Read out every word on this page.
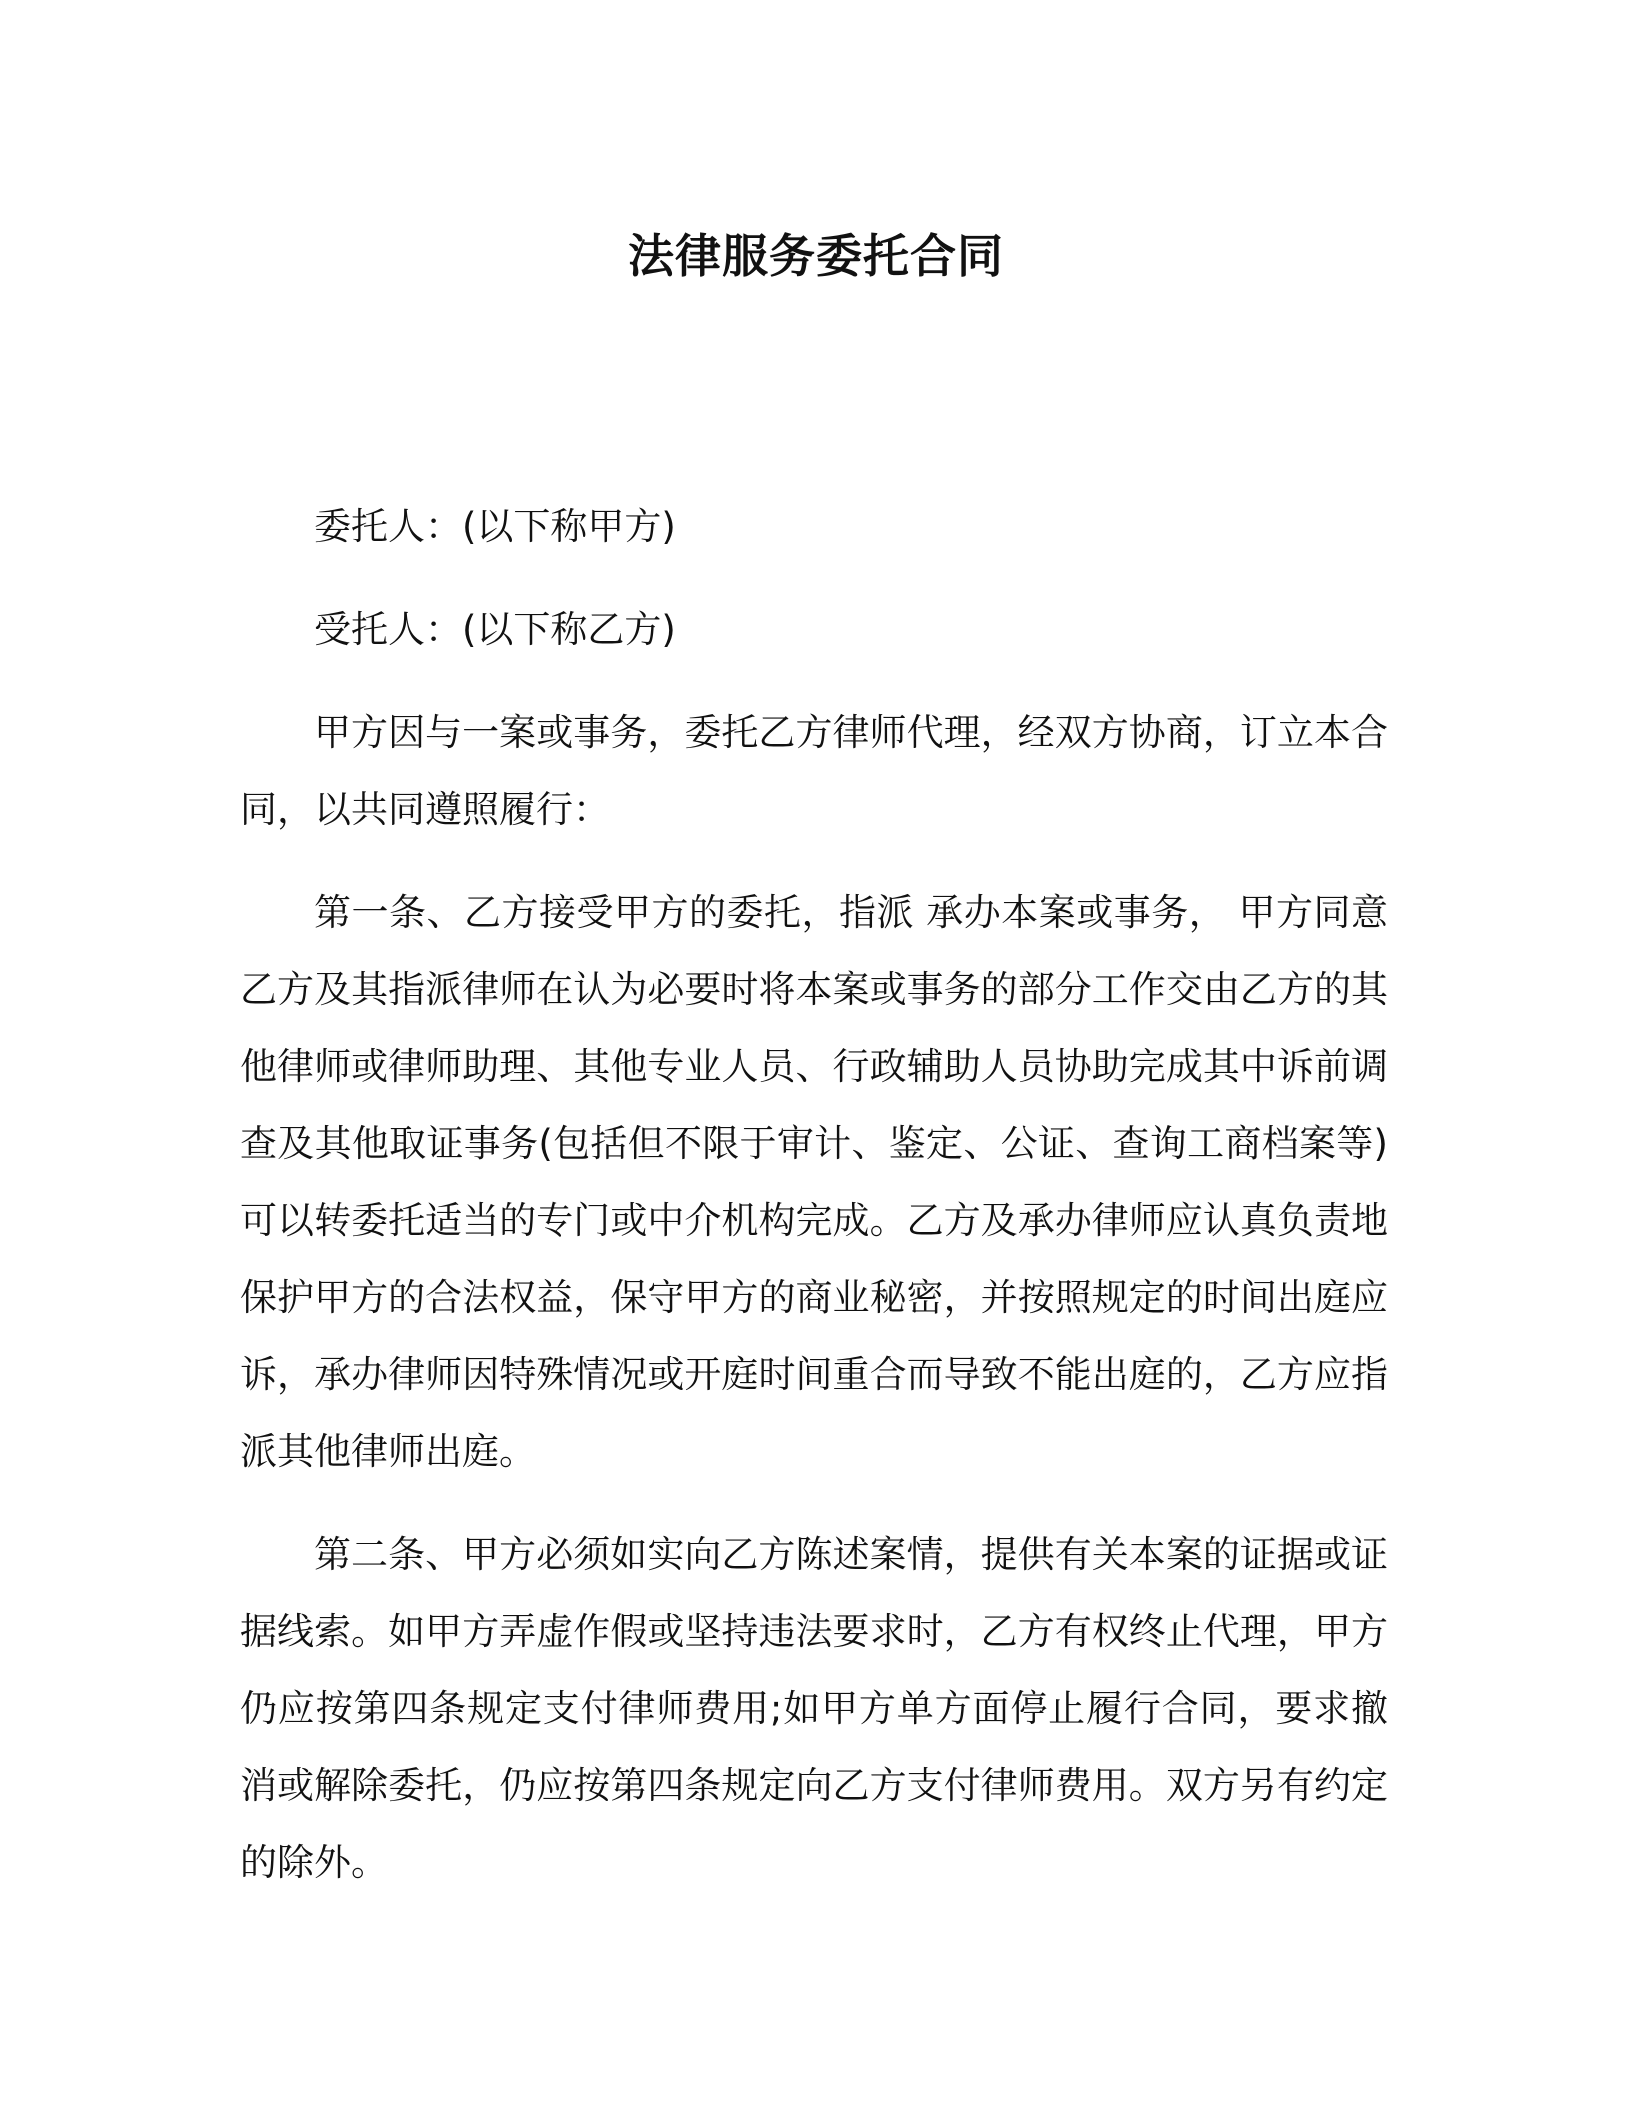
法律服务委托合同

委托人：(以下称甲方)

受托人：(以下称乙方)

甲方因与一案或事务，委托乙方律师代理，经双方协商，订立本合同，以共同遵照履行：

第一条、乙方接受甲方的委托，指派 承办本案或事务， 甲方同意乙方及其指派律师在认为必要时将本案或事务的部分工作交由乙方的其他律师或律师助理、其他专业人员、行政辅助人员协助完成其中诉前调查及其他取证事务(包括但不限于审计、鉴定、公证、查询工商档案等)可以转委托适当的专门或中介机构完成。乙方及承办律师应认真负责地保护甲方的合法权益，保守甲方的商业秘密，并按照规定的时间出庭应诉，承办律师因特殊情况或开庭时间重合而导致不能出庭的，乙方应指派其他律师出庭。

第二条、甲方必须如实向乙方陈述案情，提供有关本案的证据或证据线索。如甲方弄虚作假或坚持违法要求时，乙方有权终止代理，甲方仍应按第四条规定支付律师费用;如甲方单方面停止履行合同，要求撤消或解除委托，仍应按第四条规定向乙方支付律师费用。双方另有约定的除外。
